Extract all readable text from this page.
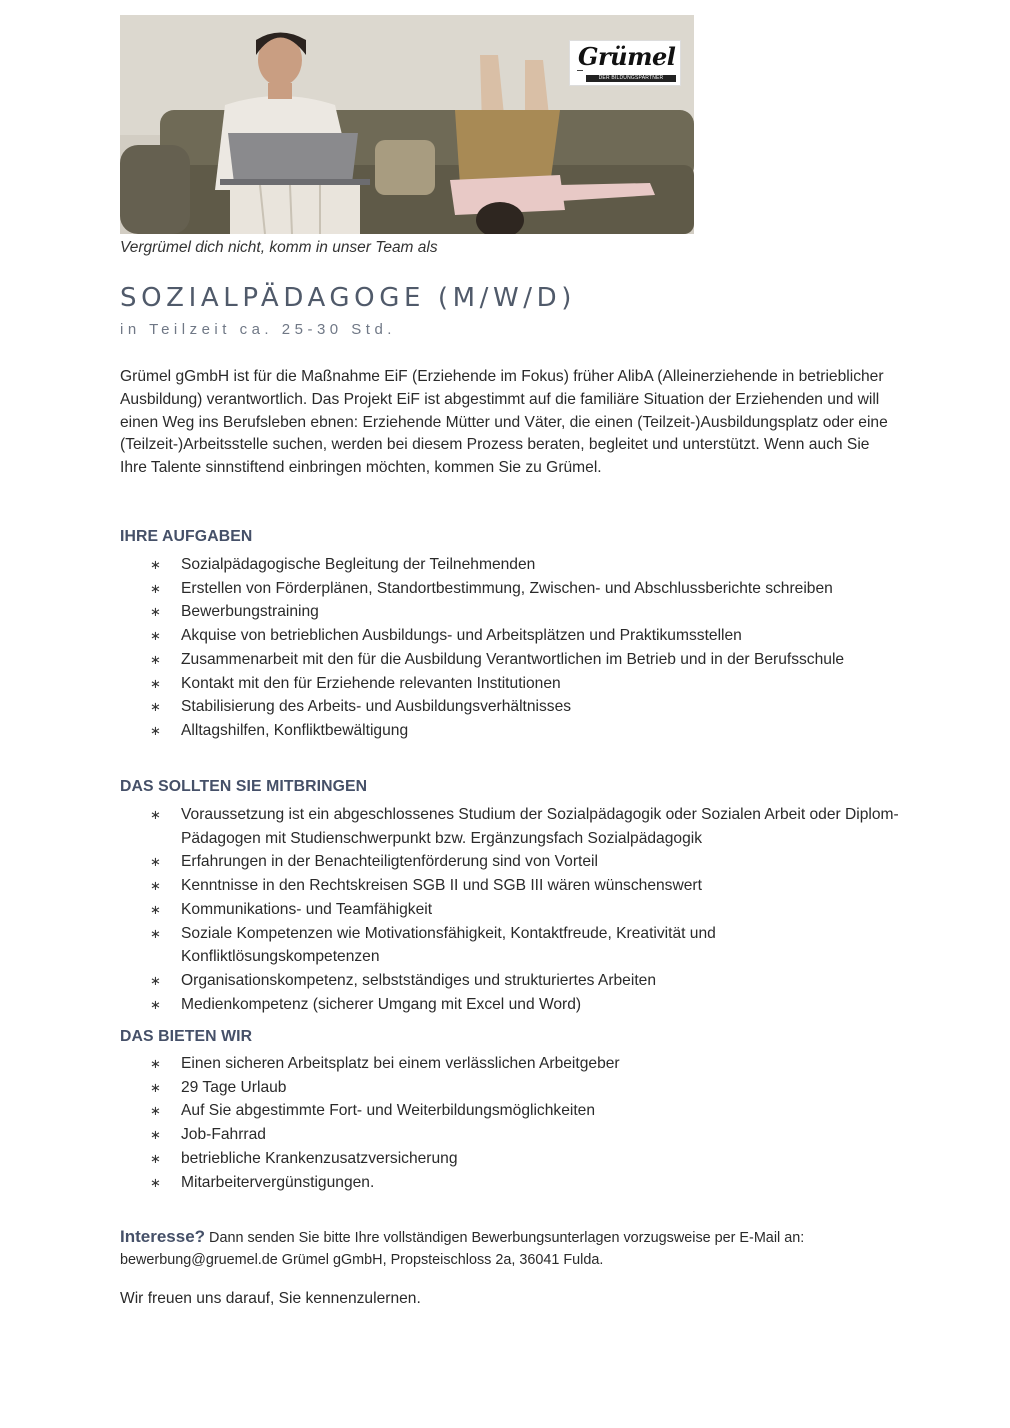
Grümel
DER BILDUNGSPARTNER
Vergrümel dich nicht, komm in unser Team als
SOZIALPÄDAGOGE (M/W/D)
in Teilzeit ca. 25-30 Std.

Grümel gGmbH ist für die Maßnahme EiF (Erziehende im Fokus) früher AlibA (Alleinerziehende in betrieblicher Ausbildung) verantwortlich. Das Projekt EiF ist abgestimmt auf die familiäre Situation der Erziehenden und will einen Weg ins Berufsleben ebnen: Erziehende Mütter und Väter, die einen (Teilzeit-)Ausbildungsplatz oder eine (Teilzeit-)Arbeitsstelle suchen, werden bei diesem Prozess beraten, begleitet und unterstützt. Wenn auch Sie Ihre Talente sinnstiftend einbringen möchten, kommen Sie zu Grümel.

IHRE AUFGABEN
∗ Sozialpädagogische Begleitung der Teilnehmenden
∗ Erstellen von Förderplänen, Standortbestimmung, Zwischen- und Abschlussberichte schreiben
∗ Bewerbungstraining
∗ Akquise von betrieblichen Ausbildungs- und Arbeitsplätzen und Praktikumsstellen
∗ Zusammenarbeit mit den für die Ausbildung Verantwortlichen im Betrieb und in der Berufsschule
∗ Kontakt mit den für Erziehende relevanten Institutionen
∗ Stabilisierung des Arbeits- und Ausbildungsverhältnisses
∗ Alltagshilfen, Konfliktbewältigung
DAS SOLLTEN SIE MITBRINGEN
∗ Voraussetzung ist ein abgeschlossenes Studium der Sozialpädagogik oder Sozialen Arbeit oder Diplom-Pädagogen mit Studienschwerpunkt bzw. Ergänzungsfach Sozialpädagogik
∗ Erfahrungen in der Benachteiligtenförderung sind von Vorteil
∗ Kenntnisse in den Rechtskreisen SGB II und SGB III wären wünschenswert
∗ Kommunikations- und Teamfähigkeit
∗ Soziale Kompetenzen wie Motivationsfähigkeit, Kontaktfreude, Kreativität und Konfliktlösungskompetenzen
∗ Organisationskompetenz, selbstständiges und strukturiertes Arbeiten
∗ Medienkompetenz (sicherer Umgang mit Excel und Word)
DAS BIETEN WIR
∗ Einen sicheren Arbeitsplatz bei einem verlässlichen Arbeitgeber
∗ 29 Tage Urlaub
∗ Auf Sie abgestimmte Fort- und Weiterbildungsmöglichkeiten
∗ Job-Fahrrad
∗ betriebliche Krankenzusatzversicherung
∗ Mitarbeitervergünstigungen.
Interesse? Dann senden Sie bitte Ihre vollständigen Bewerbungsunterlagen vorzugsweise per E-Mail an: bewerbung@gruemel.de Grümel gGmbH, Propsteischloss 2a, 36041 Fulda.
Wir freuen uns darauf, Sie kennenzulernen.
